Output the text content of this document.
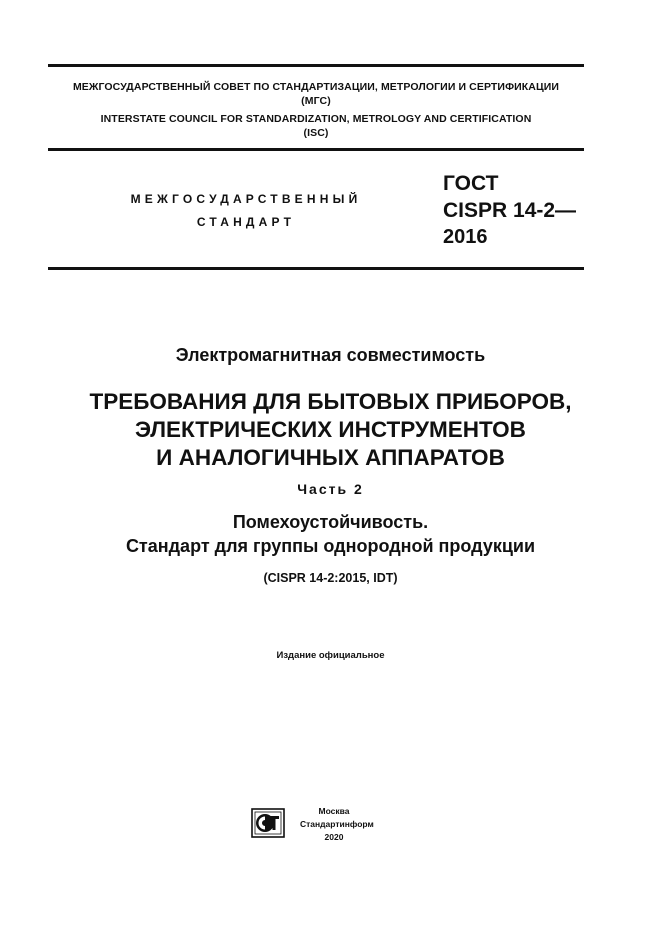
МЕЖГОСУДАРСТВЕННЫЙ СОВЕТ ПО СТАНДАРТИЗАЦИИ, МЕТРОЛОГИИ И СЕРТИФИКАЦИИ
(МГС)
INTERSTATE COUNCIL FOR STANDARDIZATION, METROLOGY AND CERTIFICATION
(ISC)
МЕЖГОСУДАРСТВЕННЫЙ
СТАНДАРТ
ГОСТ
CISPR 14-2—
2016
Электромагнитная совместимость
ТРЕБОВАНИЯ ДЛЯ БЫТОВЫХ ПРИБОРОВ,
ЭЛЕКТРИЧЕСКИХ ИНСТРУМЕНТОВ
И АНАЛОГИЧНЫХ АППАРАТОВ
Часть 2
Помехоустойчивость.
Стандарт для группы однородной продукции
(CISPR 14-2:2015, IDT)
Издание официальное
Москва
Стандартинформ
2020
